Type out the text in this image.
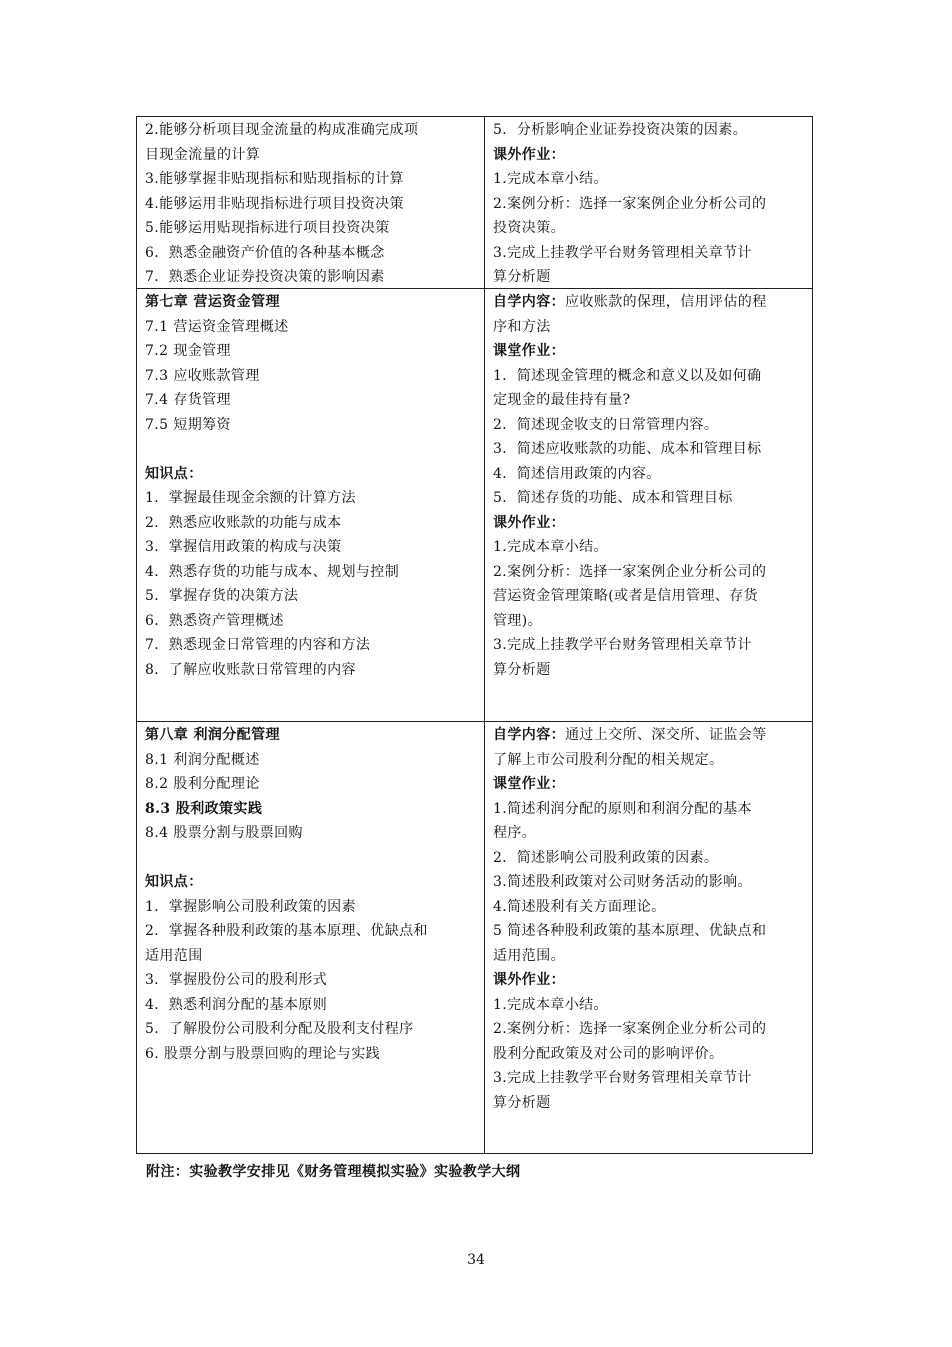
2.能够分析项目现金流量的构成准确完成项
目现金流量的计算
3.能够掌握非贴现指标和贴现指标的计算
4.能够运用非贴现指标进行项目投资决策
5.能够运用贴现指标进行项目投资决策
6．熟悉金融资产价值的各种基本概念
7．熟悉企业证券投资决策的影响因素
5．分析影响企业证券投资决策的因素。
课外作业：
1.完成本章小结。
2.案例分析：选择一家案例企业分析公司的
投资决策。
3.完成上挂教学平台财务管理相关章节计
算分析题
第七章 营运资金管理
7.1 营运资金管理概述
7.2 现金管理
7.3 应收账款管理
7.4 存货管理
7.5 短期筹资
知识点：
1．掌握最佳现金余额的计算方法
2．熟悉应收账款的功能与成本
3．掌握信用政策的构成与决策
4．熟悉存货的功能与成本、规划与控制
5．掌握存货的决策方法
6．熟悉资产管理概述
7．熟悉现金日常管理的内容和方法
8．了解应收账款日常管理的内容
自学内容：应收账款的保理，信用评估的程
序和方法
课堂作业：
1．简述现金管理的概念和意义以及如何确
定现金的最佳持有量?
2．简述现金收支的日常管理内容。
3．简述应收账款的功能、成本和管理目标
4．简述信用政策的内容。
5．简述存货的功能、成本和管理目标
课外作业：
1.完成本章小结。
2.案例分析：选择一家案例企业分析公司的
营运资金管理策略(或者是信用管理、存货
管理)。
3.完成上挂教学平台财务管理相关章节计
算分析题
第八章 利润分配管理
8.1 利润分配概述
8.2 股利分配理论
8.3 股利政策实践
8.4 股票分割与股票回购
知识点：
1．掌握影响公司股利政策的因素
2．掌握各种股利政策的基本原理、优缺点和
适用范围
3．掌握股份公司的股利形式
4．熟悉利润分配的基本原则
5．了解股份公司股利分配及股利支付程序
6. 股票分割与股票回购的理论与实践
自学内容：通过上交所、深交所、证监会等
了解上市公司股利分配的相关规定。
课堂作业：
1.简述利润分配的原则和利润分配的基本
程序。
2．简述影响公司股利政策的因素。
3.简述股利政策对公司财务活动的影响。
4.简述股利有关方面理论。
5 简述各种股利政策的基本原理、优缺点和
适用范围。
课外作业：
1.完成本章小结。
2.案例分析：选择一家案例企业分析公司的
股利分配政策及对公司的影响评价。
3.完成上挂教学平台财务管理相关章节计
算分析题
附注：实验教学安排见《财务管理模拟实验》实验教学大纲
34
